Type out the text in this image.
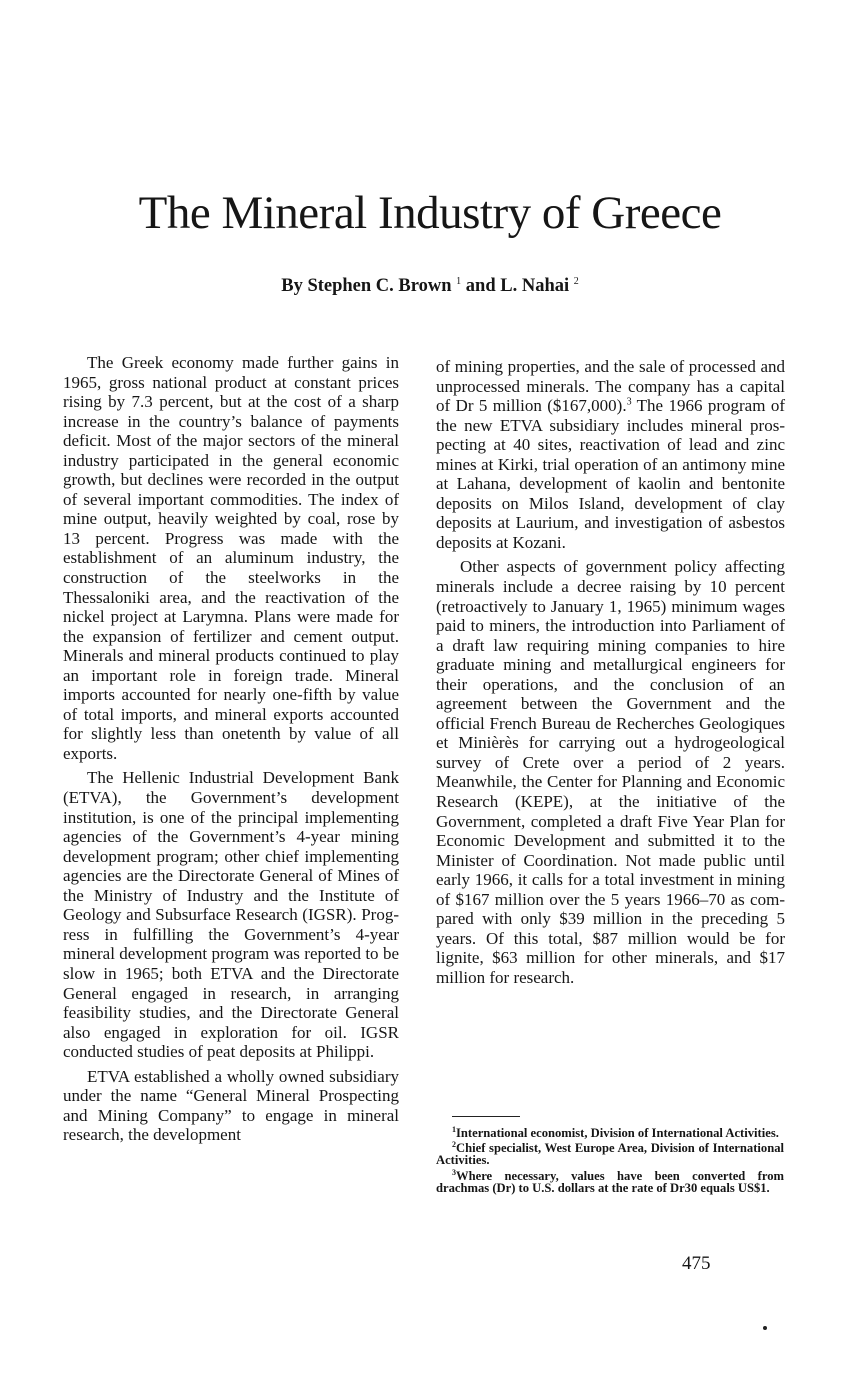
The Mineral Industry of Greece

By Stephen C. Brown $^1$ and L. Nahai $^2$

The Greek economy made further gains in 1965, gross national product at constant prices rising by 7.3 percent, but at the cost of a sharp increase in the country’s balance of payments deficit. Most of the major sectors of the mineral industry participated in the general economic growth, but declines were recorded in the output of several important commodities. The index of mine output, heavily weighted by coal, rose by 13 percent. Progress was made with the establishment of an aluminum industry, the construction of the steelworks in the Thessaloniki area, and the reactivation of the nickel project at Larymna. Plans were made for the expansion of fertilizer and cement output. Minerals and mineral products continued to play an important role in foreign trade. Mineral imports accounted for nearly one-fifth by value of total imports, and mineral exports accounted for slightly less than onetenth by value of all exports.

The Hellenic Industrial Development Bank (ETVA), the Government’s development institution, is one of the principal implementing agencies of the Government’s 4-year mining development program; other chief implementing agencies are the Directorate General of Mines of the Ministry of Industry and the Institute of Geology and Subsurface Research (IGSR). Progress in fulfilling the Government’s 4-year mineral development program was reported to be slow in 1965; both ETVA and the Directorate General engaged in research, in arranging feasibility studies, and the Directorate General also engaged in exploration for oil. IGSR conducted studies of peat deposits at Philippi.

ETVA established a wholly owned subsidiary under the name “General Mineral Prospecting and Mining Company” to engage in mineral research, the development

of mining properties, and the sale of processed and unprocessed minerals. The company has a capital of Dr 5 million ($167,000).$^3$ The 1966 program of the new ETVA subsidiary includes mineral prospecting at 40 sites, reactivation of lead and zinc mines at Kirki, trial operation of an antimony mine at Lahana, development of kaolin and bentonite deposits on Milos Island, development of clay deposits at Laurium, and investigation of asbestos deposits at Kozani.

Other aspects of government policy affecting minerals include a decree raising by 10 percent (retroactively to January 1, 1965) minimum wages paid to miners, the introduction into Parliament of a draft law requiring mining companies to hire graduate mining and metallurgical engineers for their operations, and the conclusion of an agreement between the Government and the official French Bureau de Recherches Geologiques et Minièrès for carrying out a hydrogeological survey of Crete over a period of 2 years. Meanwhile, the Center for Planning and Economic Research (KEPE), at the initiative of the Government, completed a draft Five Year Plan for Economic Development and submitted it to the Minister of Coordination. Not made public until early 1966, it calls for a total investment in mining of $167 million over the 5 years 1966–70 as compared with only $39 million in the preceding 5 years. Of this total, $87 million would be for lignite, $63 million for other minerals, and $17 million for research.

$^1$International economist, Division of International Activities.

$^2$Chief specialist, West Europe Area, Division of International Activities.

$^3$Where necessary, values have been converted from drachmas (Dr) to U.S. dollars at the rate of Dr30 equals US$1.

475
